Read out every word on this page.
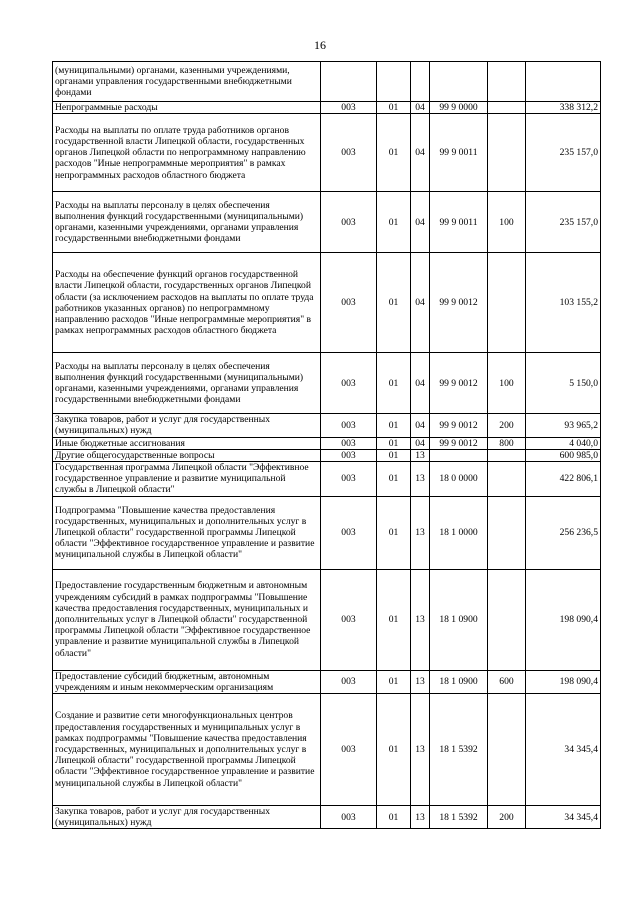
16
(муниципальными) органами, казенными учреждениями, органами управления государственными внебюджетными фондами						
Непрограммные расходы	003	01	04	99 9 0000		338 312,2
Расходы на выплаты по оплате труда работников органов государственной власти Липецкой области, государственных органов Липецкой области по непрограммному направлению расходов "Иные непрограммные мероприятия" в рамках непрограммных расходов областного бюджета	003	01	04	99 9 0011		235 157,0
Расходы на выплаты персоналу в целях обеспечения выполнения функций государственными (муниципальными) органами, казенными учреждениями, органами управления государственными внебюджетными фондами	003	01	04	99 9 0011	100	235 157,0
Расходы на обеспечение функций органов государственной власти Липецкой области, государственных органов Липецкой области (за исключением расходов на выплаты по оплате труда работников указанных органов) по непрограммному направлению расходов "Иные непрограммные мероприятия" в рамках непрограммных расходов областного бюджета	003	01	04	99 9 0012		103 155,2
Расходы на выплаты персоналу в целях обеспечения выполнения функций государственными (муниципальными) органами, казенными учреждениями, органами управления государственными внебюджетными фондами	003	01	04	99 9 0012	100	5 150,0
Закупка товаров, работ и услуг для государственных (муниципальных) нужд	003	01	04	99 9 0012	200	93 965,2
Иные бюджетные ассигнования	003	01	04	99 9 0012	800	4 040,0
Другие общегосударственные вопросы	003	01	13			600 985,0
Государственная программа Липецкой области "Эффективное государственное управление и развитие муниципальной службы в Липецкой области"	003	01	13	18 0 0000		422 806,1
Подпрограмма "Повышение качества предоставления государственных, муниципальных и дополнительных услуг в Липецкой области" государственной программы Липецкой области "Эффективное государственное управление и развитие муниципальной службы в Липецкой области"	003	01	13	18 1 0000		256 236,5
Предоставление государственным бюджетным и автономным учреждениям субсидий в рамках подпрограммы "Повышение качества предоставления государственных, муниципальных и дополнительных услуг в Липецкой области" государственной программы Липецкой области "Эффективное государственное управление и развитие муниципальной службы в Липецкой области"	003	01	13	18 1 0900		198 090,4
Предоставление субсидий бюджетным, автономным учреждениям и иным некоммерческим организациям	003	01	13	18 1 0900	600	198 090,4
Создание и развитие сети многофункциональных центров предоставления государственных и муниципальных услуг в рамках подпрограммы "Повышение качества предоставления государственных, муниципальных и дополнительных услуг в Липецкой области" государственной программы Липецкой области "Эффективное государственное управление и развитие муниципальной службы в Липецкой области"	003	01	13	18 1 5392		34 345,4
Закупка товаров, работ и услуг для государственных (муниципальных) нужд	003	01	13	18 1 5392	200	34 345,4
